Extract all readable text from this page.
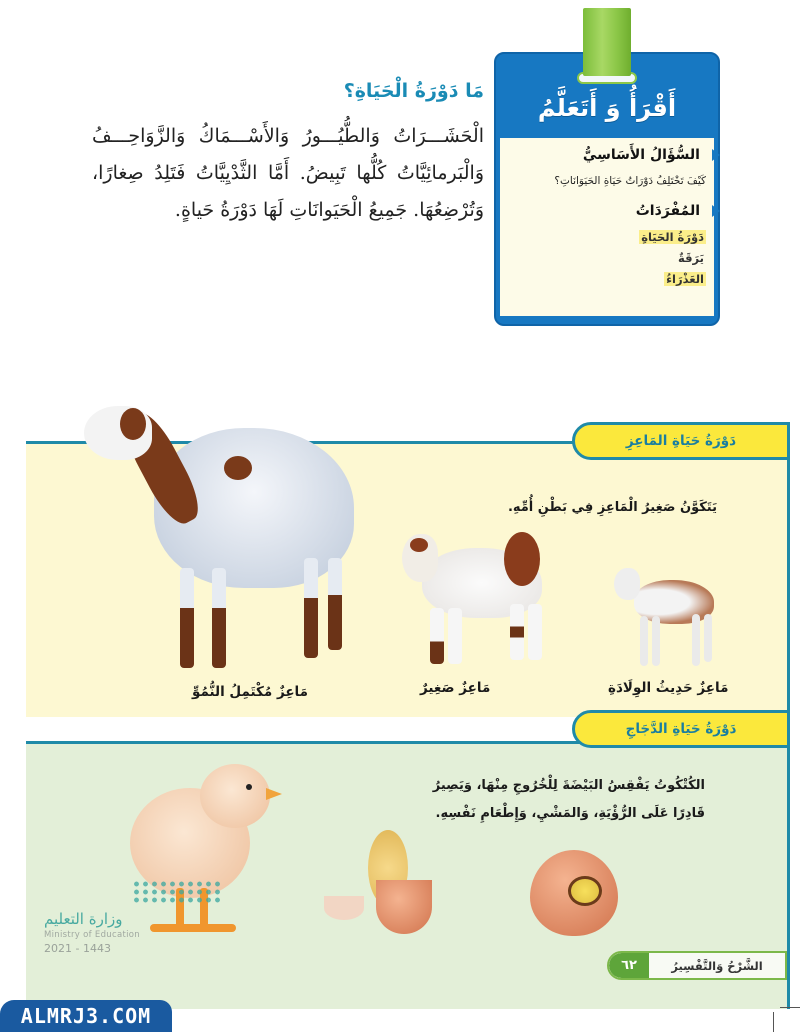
مَا دَوْرَةُ الْحَيَاةِ؟

الْحَشَـــرَاتُ وَالطُّيُـــورُ وَالأَسْـــمَاكُ وَالزَّوَاحِـــفُ وَالْبَرمائِيَّاتُ كُلُّها تَبِيضُ. أَمَّا الثَّدْيِيَّاتُ فَتَلِدُ صِغارًا، وَتُرْضِعُهَا. جَمِيعُ الْحَيَوانَاتِ لَهَا دَوْرَةُ حَياةٍ.

أَقْرَأُ وَ أَتَعَلَّمُ
السُّؤَالُ الأَسَاسِيُّ
كَيْفَ تَخْتَلِفُ دَوْرَاتُ حَيَاةِ الحَيَوَانَاتِ؟
المُفْرَدَاتُ
دَوْرَةُ الحَيَاةِ
يَرَقَةٌ
العَذْرَاءُ
دَوْرَةُ حَيَاةِ المَاعِزِ
يَتَكَوَّنُ صَغِيرُ الْمَاعِزِ فِي بَطْنِ أُمِّهِ.
مَاعِزٌ حَدِيثُ الوِلَادَةِ
مَاعِزٌ صَغِيرٌ
مَاعِزٌ مُكْتَمِلُ النُّمُوِّ
دَوْرَةُ حَيَاةِ الدَّجَاجِ
الكُتْكُوتُ يَفْقِسُ البَيْضَةَ لِلْخُرُوجِ مِنْهَا، وَيَصِيرُ
قَادِرًا عَلَى الرُّؤْيَةِ، وَالمَشْيِ، وَإِطْعَامِ نَفْسِهِ.
وزارة التعليم
Ministry of Education
2021 - 1443
الشَّرْحُ وَالتَّفْسِيرُ
٦٢
ALMRJ3.COM
